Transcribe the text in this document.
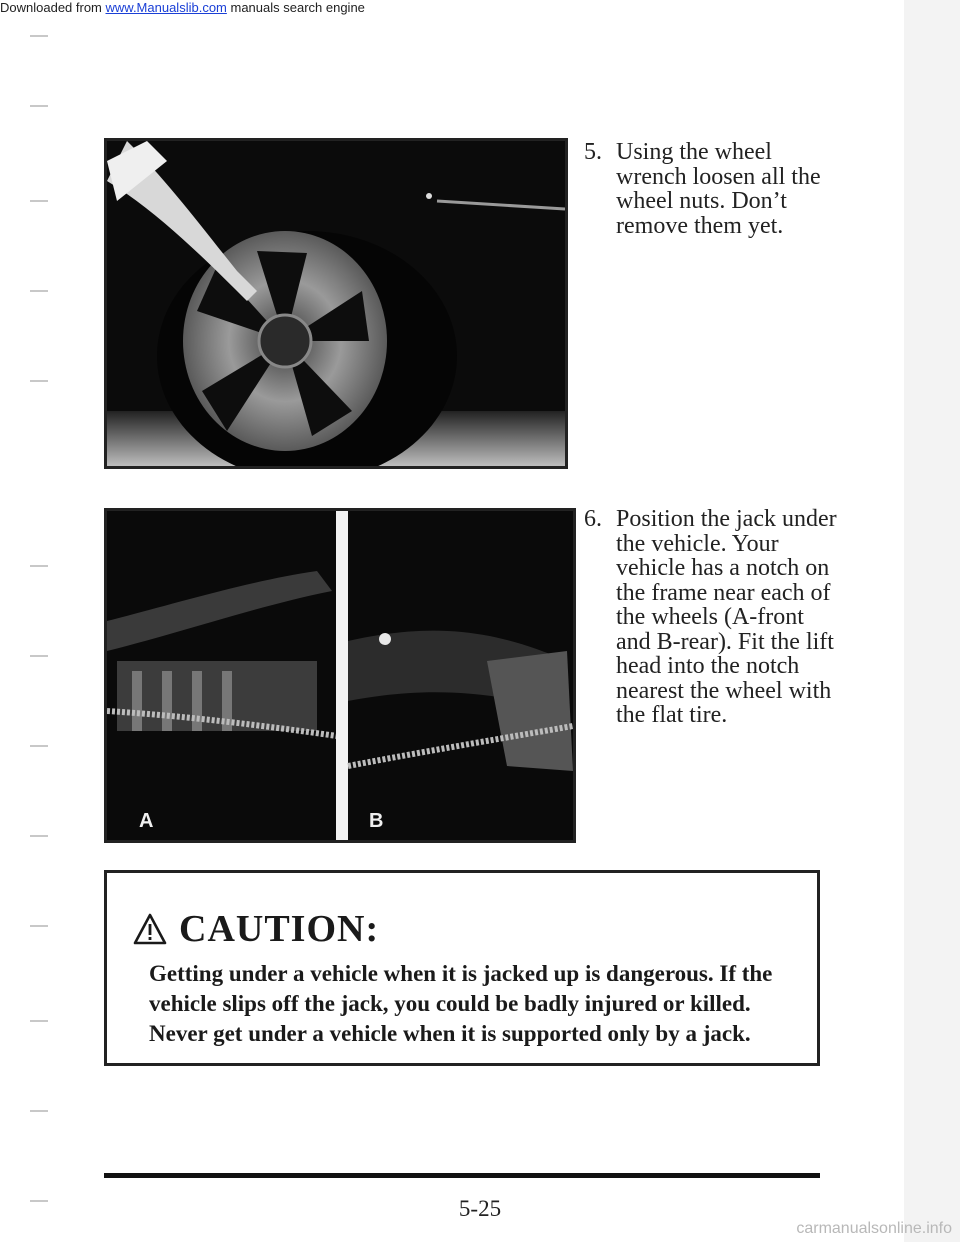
Downloaded from www.Manualslib.com manuals search engine
5. Using the wheel wrench loosen all the wheel nuts. Don’t remove them yet.
A	B
6. Position the jack under the vehicle. Your vehicle has a notch on the frame near each of the wheels (A-front and B-rear). Fit the lift head into the notch nearest the wheel with the flat tire.
CAUTION:
Getting under a vehicle when it is jacked up is dangerous. If the vehicle slips off the jack, you could be badly injured or killed. Never get under a vehicle when it is supported only by a jack.
5-25
carmanualsonline.info
